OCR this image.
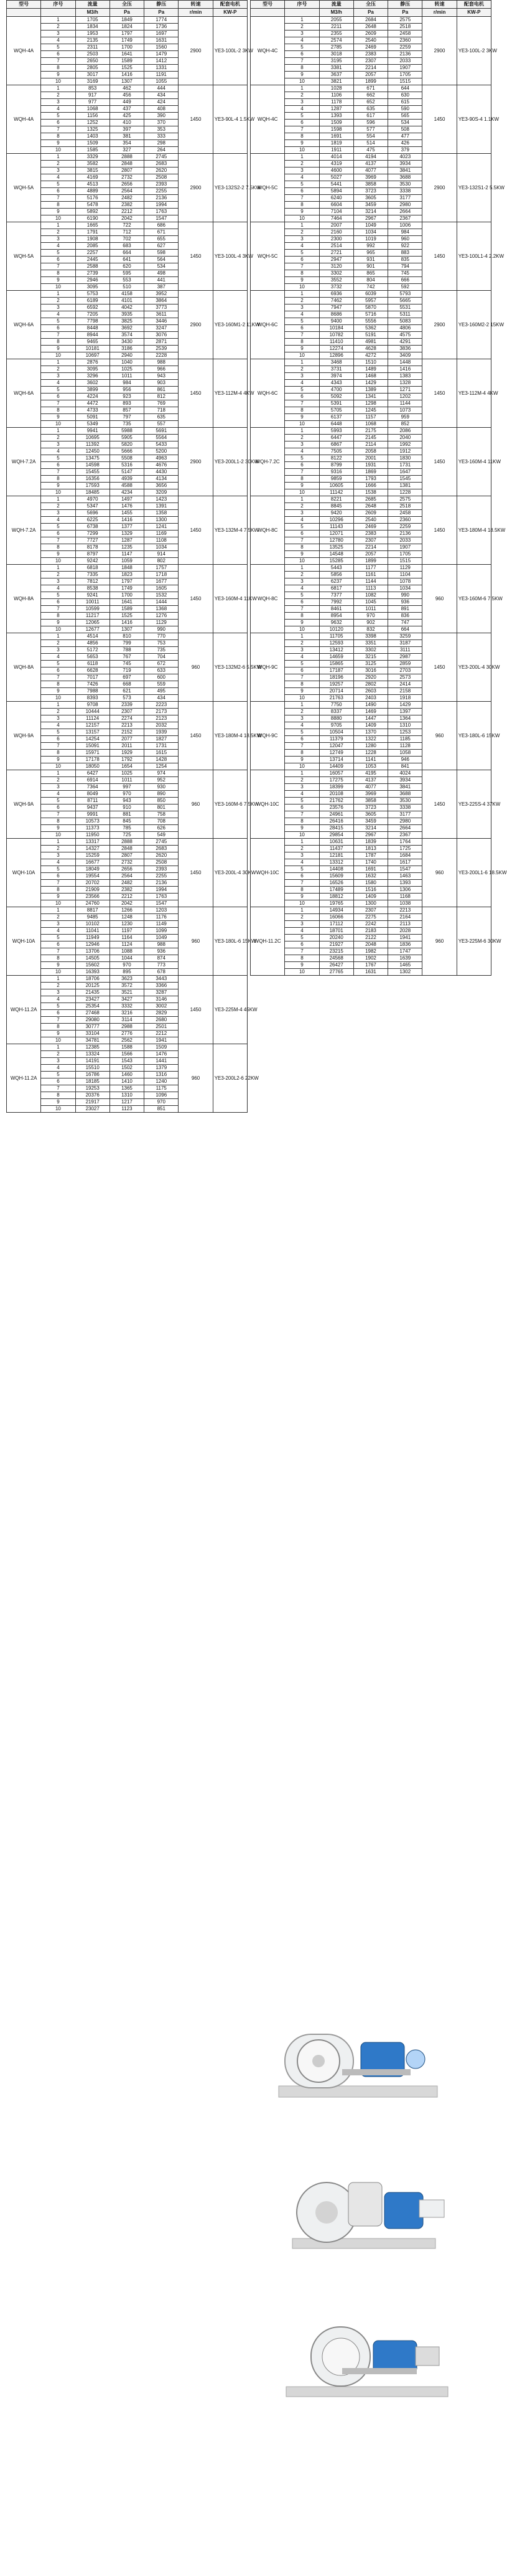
型号	序号	流量	全压	静压	转速	配套电机
		M3/h	Pa	Pa	r/min	KW-P
WQH-4A	1	1705	1849	1774	2900	YE3-100L-2 3KW
	2	1834	1824	1736		
	3	1953	1797	1697		
	4	2135	1749	1631		
	5	2311	1700	1560		
	6	2503	1641	1479		
	7	2650	1589	1412		
	8	2805	1525	1331		
	9	3017	1416	1191		
	10	3169	1307	1055		
WQH-4A	1	853	462	444	1450	YE3-90L-4 1.5KW
	2	917	456	434		
	3	977	449	424		
	4	1068	437	408		
	5	1156	425	390		
	6	1252	410	370		
	7	1325	397	353		
	8	1403	381	333		
	9	1509	354	298		
	10	1585	327	264		
WQH-5A	1	3329	2888	2745	2900	YE3-132S2-2 7.5KW
	2	3582	2848	2683		
	3	3815	2807	2620		
	4	4169	2732	2508		
	5	4513	2656	2393		
	6	4889	2564	2255		
	7	5176	2482	2136		
	8	5478	2382	1994		
	9	5892	2212	1763		
	10	6190	2042	1547		
WQH-5A	1	1665	722	686	1450	YE3-100L-4 3KW
	2	1791	712	671		
	3	1908	702	655		
	4	2085	683	627		
	5	2257	664	598		
	6	2445	641	564		
	7	2588	620	534		
	8	2739	595	498		
	9	2946	553	441		
	10	3095	510	387		
WQH-6A	1	5753	4158	3952	2900	YE3-160M1-2 11KW
	2	6189	4101	3864		
	3	6592	4042	3773		
	4	7205	3935	3611		
	5	7798	3825	3446		
	6	8448	3692	3247		
	7	8944	3574	3076		
	8	9465	3430	2871		
	9	10181	3186	2539		
	10	10697	2940	2228		
WQH-6A	1	2876	1040	988	1450	YE3-112M-4 4KW
	2	3095	1025	966		
	3	3296	1011	943		
	4	3602	984	903		
	5	3899	956	861		
	6	4224	923	812		
	7	4472	893	769		
	8	4733	857	718		
	9	5091	797	635		
	10	5349	735	557		
WQH-7.2A	1	9941	5988	5691	2900	YE3-200L1-2 30KW
	2	10695	5905	5564		
	3	11392	5820	5433		
	4	12450	5666	5200		
	5	13475	5508	4963		
	6	14598	5316	4676		
	7	15455	5147	4430		
	8	16356	4939	4134		
	9	17593	4588	3656		
	10	18485	4234	3209		
WQH-7.2A	1	4970	1497	1423	1450	YE3-132M-4 7.5KW
	2	5347	1476	1391		
	3	5696	1455	1358		
	4	6225	1416	1300		
	5	6738	1377	1241		
	6	7299	1329	1169		
	7	7727	1287	1108		
	8	8178	1235	1034		
	9	8797	1147	914		
	10	9242	1059	802		
WQH-8A	1	6818	1848	1757	1450	YE3-160M-4 11KW
	2	7335	1823	1718		
	3	7812	1797	1677		
	4	8538	1749	1605		
	5	9241	1700	1532		
	6	10011	1641	1444		
	7	10599	1589	1368		
	8	11217	1525	1276		
	9	12065	1416	1129		
	10	12677	1307	990		
WQH-8A	1	4514	810	770	960	YE3-132M2-6 5.5KW
	2	4856	799	753		
	3	5172	788	735		
	4	5653	767	704		
	5	6118	745	672		
	6	6628	719	633		
	7	7017	697	600		
	8	7426	668	559		
	9	7988	621	495		
	10	8393	573	434		
WQH-9A	1	9708	2339	2223	1450	YE3-180M-4 18.5KW
	2	10444	2307	2173		
	3	11124	2274	2123		
	4	12157	2213	2032		
	5	13157	2152	1939		
	6	14254	2077	1827		
	7	15091	2011	1731		
	8	15971	1929	1615		
	9	17178	1792	1428		
	10	18050	1654	1254		
WQH-9A	1	6427	1025	974	960	YE3-160M-6 7.5KW
	2	6914	1011	952		
	3	7364	997	930		
	4	8049	970	890		
	5	8711	943	850		
	6	9437	910	801		
	7	9991	881	758		
	8	10573	845	708		
	9	11373	785	626		
	10	11950	725	549		
WQH-10A	1	13317	2888	2745	1450	YE3-200L-4 30KW
	2	14327	2848	2683		
	3	15259	2807	2620		
	4	16677	2732	2508		
	5	18049	2656	2393		
	6	19554	2564	2255		
	7	20702	2482	2136		
	8	21909	2382	1994		
	9	23566	2212	1763		
	10	24760	2042	1547		
WQH-10A	1	8817	1266	1203	960	YE3-180L-6 15KW
	2	9485	1248	1176		
	3	10102	1230	1149		
	4	11041	1197	1099		
	5	11949	1164	1049		
	6	12946	1124	988		
	7	13706	1088	936		
	8	14505	1044	874		
	9	15602	970	773		
	10	16393	895	678		
WQH-11.2A	1	18706	3623	3443	1450	YE3-225M-4 45KW
	2	20125	3572	3366		
	3	21435	3521	3287		
	4	23427	3427	3146		
	5	25354	3332	3002		
	6	27468	3216	2829		
	7	29080	3114	2680		
	8	30777	2988	2501		
	9	33104	2776	2212		
	10	34781	2562	1941		
WQH-11.2A	1	12385	1588	1509	960	YE3-200L2-6 22KW
	2	13324	1566	1476		
	3	14191	1543	1441		
	4	15510	1502	1379		
	5	16786	1460	1316		
	6	18185	1410	1240		
	7	19253	1365	1175		
	8	20376	1310	1096		
	9	21917	1217	970		
	10	23027	1123	851		
型号	序号	流量	全压	静压	转速	配套电机
		M3/h	Pa	Pa	r/min	KW-P
WQH-4C	1	2055	2684	2575	2900	YE3-100L-2 3KW
	2	2211	2648	2518		
	3	2355	2609	2458		
	4	2574	2540	2360		
	5	2785	2469	2259		
	6	3018	2383	2136		
	7	3195	2307	2033		
	8	3381	2214	1907		
	9	3637	2057	1705		
	10	3821	1899	1515		
WQH-4C	1	1028	671	644	1450	YE3-90S-4 1.1KW
	2	1106	662	630		
	3	1178	652	615		
	4	1287	635	590		
	5	1393	617	565		
	6	1509	596	534		
	7	1598	577	508		
	8	1691	554	477		
	9	1819	514	426		
	10	1911	475	379		
WQH-5C	1	4014	4194	4023	2900	YE3-132S1-2 5.5KW
	2	4319	4137	3934		
	3	4600	4077	3841		
	4	5027	3969	3688		
	5	5441	3858	3530		
	6	5894	3723	3338		
	7	6240	3605	3177		
	8	6604	3459	2980		
	9	7104	3214	2664		
	10	7464	2967	2367		
WQH-5C	1	2007	1049	1006	1450	YE3-100L1-4 2.2KW
	2	2160	1034	984		
	3	2300	1019	960		
	4	2514	992	922		
	5	2721	965	883		
	6	2947	931	835		
	7	3120	901	794		
	8	3302	865	745		
	9	3552	804	666		
	10	3732	742	592		
WQH-6C	1	6936	6039	5793	2900	YE3-160M2-2 15KW
	2	7462	5957	5665		
	3	7947	5870	5531		
	4	8686	5716	5311		
	5	9400	5556	5083		
	6	10184	5362	4806		
	7	10782	5191	4575		
	8	11410	4981	4291		
	9	12274	4628	3836		
	10	12896	4272	3409		
WQH-6C	1	3468	1510	1448	1450	YE3-112M-4 4KW
	2	3731	1489	1416		
	3	3974	1468	1383		
	4	4343	1429	1328		
	5	4700	1389	1271		
	6	5092	1341	1202		
	7	5391	1298	1144		
	8	5705	1245	1073		
	9	6137	1157	959		
	10	6448	1068	852		
WQH-7.2C	1	5993	2175	2086	1450	YE3-160M-4 11KW
	2	6447	2145	2040		
	3	6867	2114	1992		
	4	7505	2058	1912		
	5	8122	2001	1830		
	6	8799	1931	1731		
	7	9316	1869	1647		
	8	9859	1793	1545		
	9	10605	1666	1381		
	10	11142	1538	1228		
WQH-8C	1	8221	2685	2575	1450	YE3-180M-4 18.5KW
	2	8845	2648	2518		
	3	9420	2609	2458		
	4	10296	2540	2360		
	5	11143	2469	2259		
	6	12071	2383	2136		
	7	12780	2307	2033		
	8	13525	2214	1907		
	9	14548	2057	1705		
	10	15285	1899	1515		
WQH-8C	1	5443	1177	1129	960	YE3-160M-6 7.5KW
	2	5856	1161	1104		
	3	6237	1144	1078		
	4	6817	1113	1034		
	5	7377	1082	990		
	6	7992	1045	936		
	7	8461	1011	891		
	8	8954	970	836		
	9	9632	902	747		
	10	10120	832	664		
WQH-9C	1	11705	3398	3259	1450	YE3-200L-4 30KW
	2	12593	3351	3187		
	3	13412	3302	3111		
	4	14659	3215	2987		
	5	15865	3125	2859		
	6	17187	3016	2703		
	7	18196	2920	2573		
	8	19257	2802	2414		
	9	20714	2603	2158		
	10	21763	2403	1918		
WQH-9C	1	7750	1490	1429	960	YE3-180L-6 15KW
	2	8337	1469	1397		
	3	8880	1447	1364		
	4	9705	1409	1310		
	5	10504	1370	1253		
	6	11379	1322	1185		
	7	12047	1280	1128		
	8	12749	1228	1058		
	9	13714	1141	946		
	10	14409	1053	841		
WQH-10C	1	16057	4195	4024	1450	YE3-225S-4 37KW
	2	17275	4137	3934		
	3	18399	4077	3841		
	4	20108	3969	3688		
	5	21762	3858	3530		
	6	23576	3723	3338		
	7	24961	3605	3177		
	8	26416	3459	2980		
	9	28415	3214	2664		
	10	29854	2967	2367		
WQH-10C	1	10631	1839	1764	960	YE3-200L1-6 18.5KW
	2	11437	1813	1725		
	3	12181	1787	1684		
	4	13312	1740	1617		
	5	14408	1691	1547		
	6	15609	1632	1463		
	7	16526	1580	1393		
	8	17489	1516	1306		
	9	18812	1409	1168		
	10	19765	1300	1038		
WQH-11.2C	1	14934	2307	2213	960	YE3-225M-6 30KW
	2	16066	2275	2164		
	3	17112	2242	2113		
	4	18701	2183	2028		
	5	20240	2122	1941		
	6	21927	2048	1836		
	7	23215	1982	1747		
	8	24568	1902	1639		
	9	26427	1767	1465		
	10	27765	1631	1302		
